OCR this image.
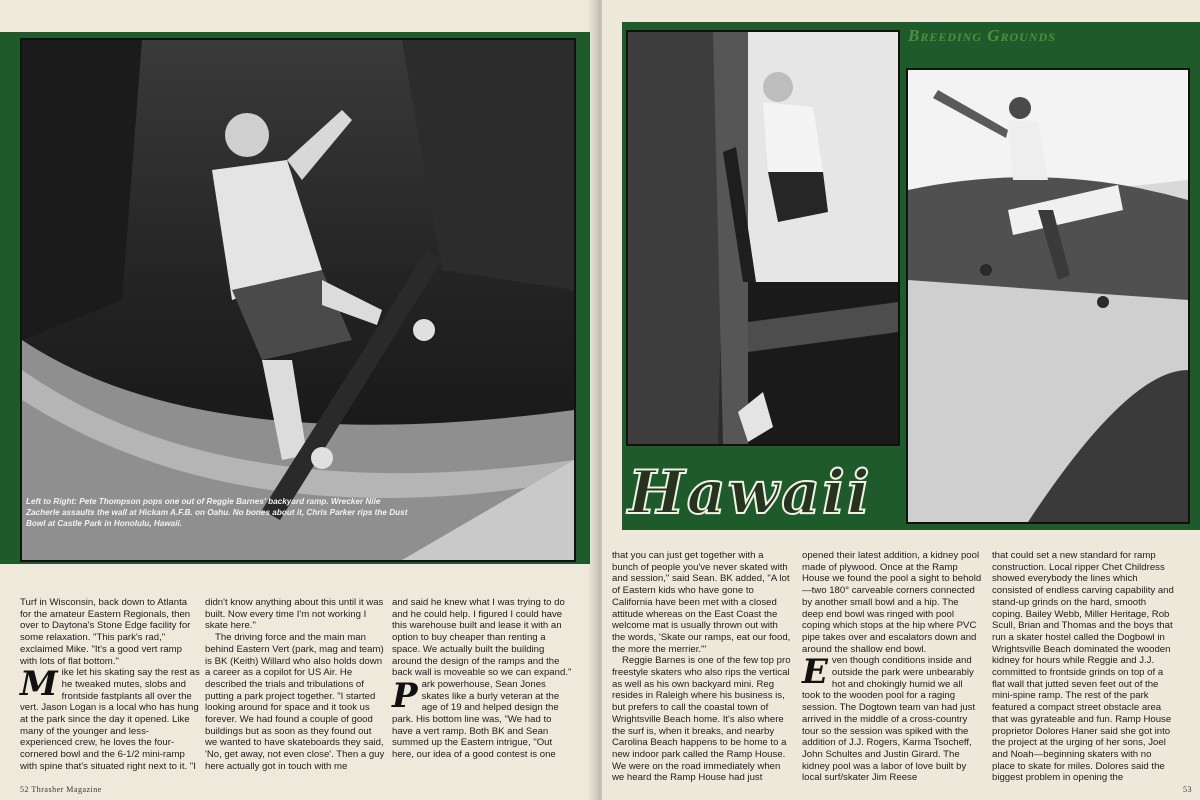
Left to Right: Pete Thompson pops one out of Reggie Barnes' backyard ramp. Wrecker Nile Zacherle assaults the wall at Hickam A.F.B. on Oahu. No bones about it, Chris Parker rips the Dust Bowl at Castle Park in Honolulu, Hawaii.

Turf in Wisconsin, back down to Atlanta for the amateur Eastern Regionals, then over to Daytona's Stone Edge facility for some relaxation. "This park's rad," exclaimed Mike. "It's a good vert ramp with lots of flat bottom."

Mike let his skating say the rest as he tweaked mutes, slobs and frontside fastplants all over the vert. Jason Logan is a local who has hung at the park since the day it opened. Like many of the younger and less-experienced crew, he loves the four-cornered bowl and the 6-1/2 mini-ramp with spine that's situated right next to it. "I

didn't know anything about this until it was built. Now every time I'm not working I skate here."

The driving force and the main man behind Eastern Vert (park, mag and team) is BK (Keith) Willard who also holds down a career as a copilot for US Air. He described the trials and tribulations of putting a park project together. "I started looking around for space and it took us forever. We had found a couple of good buildings but as soon as they found out we wanted to have skateboards they said, 'No, get away, not even close'. Then a guy here actually got in touch with me

and said he knew what I was trying to do and he could help. I figured I could have this warehouse built and lease it with an option to buy cheaper than renting a space. We actually built the building around the design of the ramps and the back wall is moveable so we can expand."

Park powerhouse, Sean Jones skates like a burly veteran at the age of 19 and helped design the park. His bottom line was, "We had to have a vert ramp. Both BK and Sean summed up the Eastern intrigue, "Out here, our idea of a good contest is one

52 Thrasher Magazine
Breeding Grounds
Hawaii

that you can just get together with a bunch of people you've never skated with and session," said Sean. BK added, "A lot of Eastern kids who have gone to California have been met with a closed attitude whereas on the East Coast the welcome mat is usually thrown out with the words, 'Skate our ramps, eat our food, the more the merrier.'"

Reggie Barnes is one of the few top pro freestyle skaters who also rips the vertical as well as his own backyard mini. Reg resides in Raleigh where his business is, but prefers to call the coastal town of Wrightsville Beach home. It's also where the surf is, when it breaks, and nearby Carolina Beach happens to be home to a new indoor park called the Ramp House. We were on the road immediately when we heard the Ramp House had just

opened their latest addition, a kidney pool made of plywood. Once at the Ramp House we found the pool a sight to behold—two 180° carveable corners connected by another small bowl and a hip. The deep end bowl was ringed with pool coping which stops at the hip where PVC pipe takes over and escalators down and around the shallow end bowl.

Even though conditions inside and outside the park were unbearably hot and chokingly humid we all took to the wooden pool for a raging session. The Dogtown team van had just arrived in the middle of a cross-country tour so the session was spiked with the addition of J.J. Rogers, Karma Tsocheff, John Schultes and Justin Girard. The kidney pool was a labor of love built by local surf/skater Jim Reese

that could set a new standard for ramp construction. Local ripper Chet Childress showed everybody the lines which consisted of endless carving capability and stand-up grinds on the hard, smooth coping. Bailey Webb, Miller Heritage, Rob Scull, Brian and Thomas and the boys that run a skater hostel called the Dogbowl in Wrightsville Beach dominated the wooden kidney for hours while Reggie and J.J. committed to frontside grinds on top of a flat wall that jutted seven feet out of the mini-spine ramp. The rest of the park featured a compact street obstacle area that was gyrateable and fun. Ramp House proprietor Dolores Haner said she got into the project at the urging of her sons, Joel and Noah—beginning skaters with no place to skate for miles. Dolores said the biggest problem in opening the

53
